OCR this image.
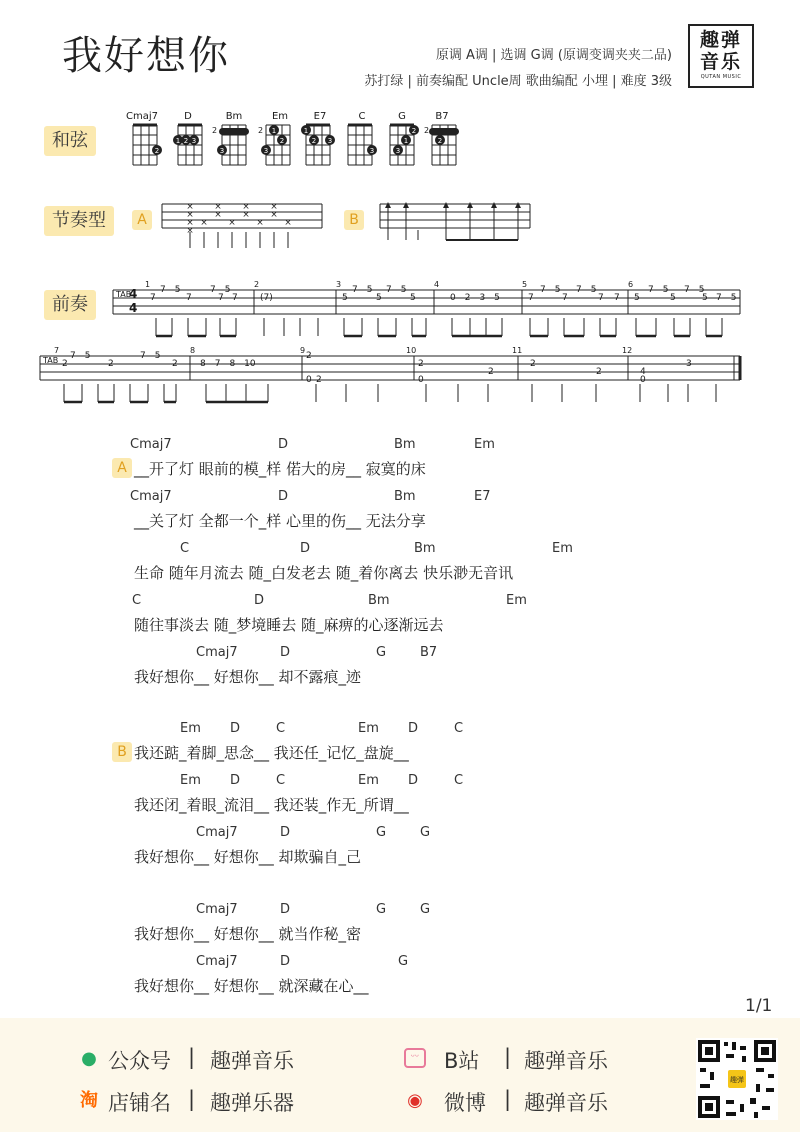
我好想你	原调 A调 | 选调 G调 (原调变调夹夹二品)
苏打绿 | 前奏编配 Uncle周 歌曲编配 小埋 | 难度 3级
趣弹
音乐
QUTAN MUSIC
和弦
节奏型
前奏
Cmaj7	D	Bm	Em	E7	C	G	B7
2
1 2 3
3
1
2
3
1
2 3
3
1
2
3
2
×
×
×
×
×
×
×
×
×
×
×
×
×
×
2	2	2
A	B
TAB
4
4
TAB
1	2	3	4	5	6
7	8	9	10	11	12
7—5	7—5	7—5
7	(7)
7—5	7—5
0—2—3—5
7—5	7—5 7—5
7—5
5	5	5	5	5	5
7	7	7	7	7
7	7
7—5	7—5
2	2	2
2
8—7—8—10
2
0
2
0
2
2
2
3
4
0
Cmaj7	D	Bm	Em
A __开了灯 眼前的模_样 偌大的房__ 寂寞的床
Cmaj7	D	Bm	E7
__关了灯 全都一个_样 心里的伤__ 无法分享
C	D	Bm	Em
生命 随年月流去 随_白发老去 随_着你离去 快乐渺无音讯
C	D	Bm	Em
随往事淡去 随_梦境睡去 随_麻痹的心逐渐远去
Cmaj7	D	G	B7
我好想你__ 好想你__ 却不露痕_迹
Em D	C	Em D	C
B 我还踮_着脚_思念__ 我还任_记忆_盘旋__
Em D	C	Em D	C
我还闭_着眼_流泪__ 我还装_作无_所谓__
Cmaj7	D	G	G
我好想你__ 好想你__ 却欺骗自_己
Cmaj7	D	G	G
我好想你__ 好想你__ 就当作秘_密
Cmaj7	D	G
我好想你__ 好想你__ 就深藏在心__
1/1
● 公众号 | 趣弹音乐	ᵕᵕ	B站 | 趣弹音乐
淘 店铺名 | 趣弹乐器	◉ 微博 | 趣弹音乐
趣弹
